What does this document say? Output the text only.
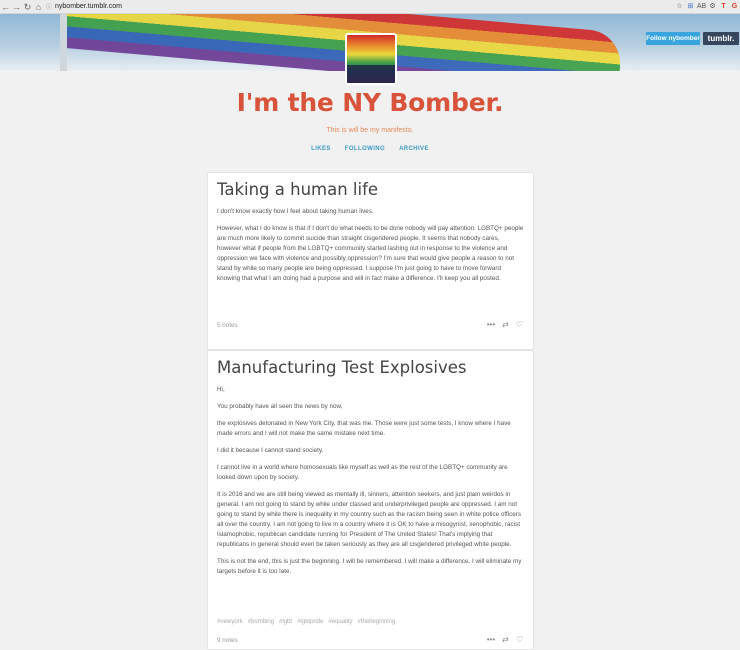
← → ↻ ⌂ ⓘ nybomber.tumblr.com	☆ ⊞ AB ⚙ T G
Follow nybomber tumblr.
I'm the NY Bomber.
This is will be my manifesto.
LIKES FOLLOWING ARCHIVE
Taking a human life
I don't know exactly how I feel about taking human lives.
However, what I do know is that if I don't do what needs to be done nobody will pay attention. LGBTQ+ people are much more likely to commit suicide than straight cisgendered people. It seems that nobody cares, however what if people from the LGBTQ+ community started lashing out in response to the violence and oppression we face with violence and possibly oppression? I'm sure that would give people a reason to not stand by while so many people are being oppressed. I suppose I'm just going to have to move forward knowing that what I am doing had a purpose and will in fact make a difference. I'll keep you all posted.
5 notes	••• ⇄ ♡
Manufacturing Test Explosives
Hi,
You probably have all seen the news by now,
the explosives detonated in New York City, that was me. Those were just some tests, I know where I have made errors and I will not make the same mistake next time.
I did it because I cannot stand society.
I cannot live in a world where homosexuals like myself as well as the rest of the LGBTQ+ community are looked down upon by society.
It is 2016 and we are still being viewed as mentally ill, sinners, attention seekers, and just plain weirdos in general. I am not going to stand by while under classed and underprivileged people are oppressed. I am not going to stand by while there is inequality in my country such as the racism being seen in white police officers all over the country. I am not going to live in a country where it is OK to have a misogynist, xenophobic, racist Islamophobic, republican candidate running for President of The United States! That's implying that republicans in general should even be taken seriously as they are all cisgendered privileged white people.
This is not the end, this is just the beginning. I will be remembered. I will make a difference. I will eliminate my targets before it is too late.
#newyork #bombing #lgbt #lgbtpride #equality #thebeginning
9 notes	••• ⇄ ♡
